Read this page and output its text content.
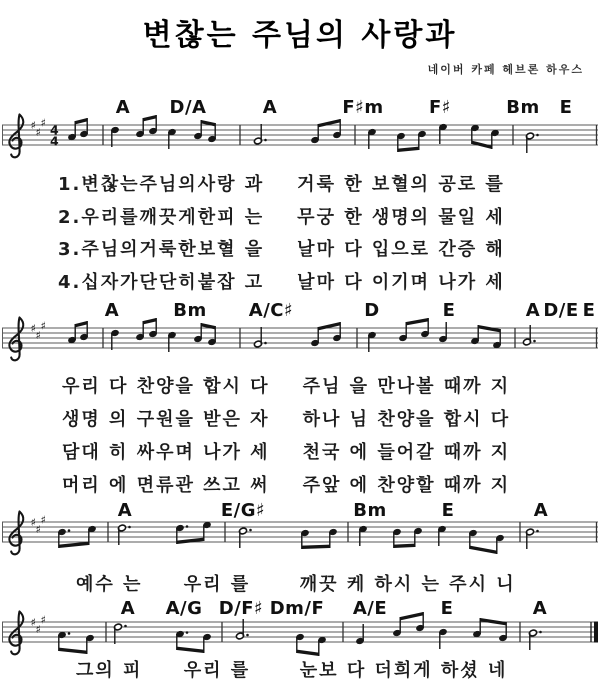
변찮는 주님의 사랑과
네이버 카페 헤브론 하우스
♯
♯
♯ 4
4
A D/A	A	F♯m	F♯	Bm E
♯
♯
♯
A	Bm A/C♯	D	E	A D/E E
♯
♯
♯	A	E/G♯	Bm	E	A
♯
♯
♯
A A/G D/F♯ Dm/F A/E	E	A
1.변찮는주님의사랑 과    거룩 한 보혈의 공로 를
2.우리를깨끗게한피 는    무궁 한 생명의 물일 세
3.주님의거룩한보혈 을    날마 다 입으로 간증 해
4.십자가단단히붙잡 고    날마 다 이기며 나가 세
우리 다 찬양을 합시 다    주님 을 만나볼 때까 지
생명 의 구원을 받은 자    하나 님 찬양을 합시 다
담대 히 싸우며 나가 세    천국 에 들어갈 때까 지
머리 에 면류관 쓰고 써    주앞 에 찬양할 때까 지
예수 는     우리 를      깨끗 케 하시 는 주시 니
그의 피     우리 를      눈보 다 더희게 하셨 네
